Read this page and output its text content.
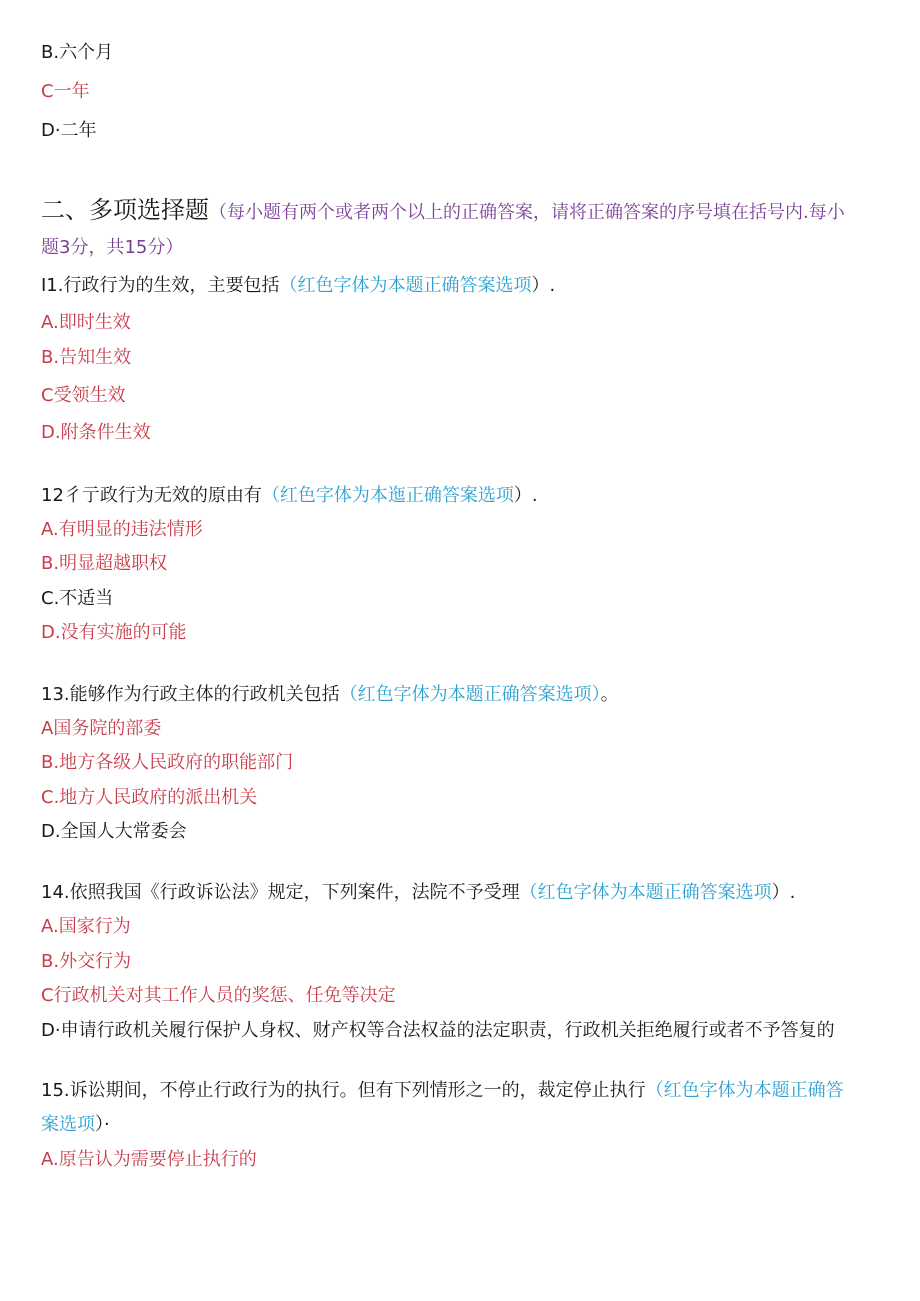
B.六个月
C一年
D·二年
二、多项选择题（每小题有两个或者两个以上的正确答案，请将正确答案的序号填在括号内.每小
题3分，共15分）
I1.行政行为的生效，主要包括（红色字体为本题正确答案选项）.
A.即时生效
B.告知生效
C受领生效
D.附条件生效
12彳亍政行为无效的原由有（红色字体为本迤正确答案选项）.
A.有明显的违法情形
B.明显超越职权
C.不适当
D.没有实施的可能
13.能够作为行政主体的行政机关包括（红色字体为本题正确答案选项）。
A国务院的部委
B.地方各级人民政府的职能部门
C.地方人民政府的派出机关
D.全国人大常委会
14.依照我国《行政诉讼法》规定，下列案件，法院不予受理（红色字体为本题正确答案选项）.
A.国家行为
B.外交行为
C行政机关对其工作人员的奖惩、任免等决定
D·申请行政机关履行保护人身权、财产权等合法权益的法定职责，行政机关拒绝履行或者不予答复的
15.诉讼期间，不停止行政行为的执行。但有下列情形之一的，裁定停止执行（红色字体为本题正确答
案选项）·
A.原告认为需要停止执行的
